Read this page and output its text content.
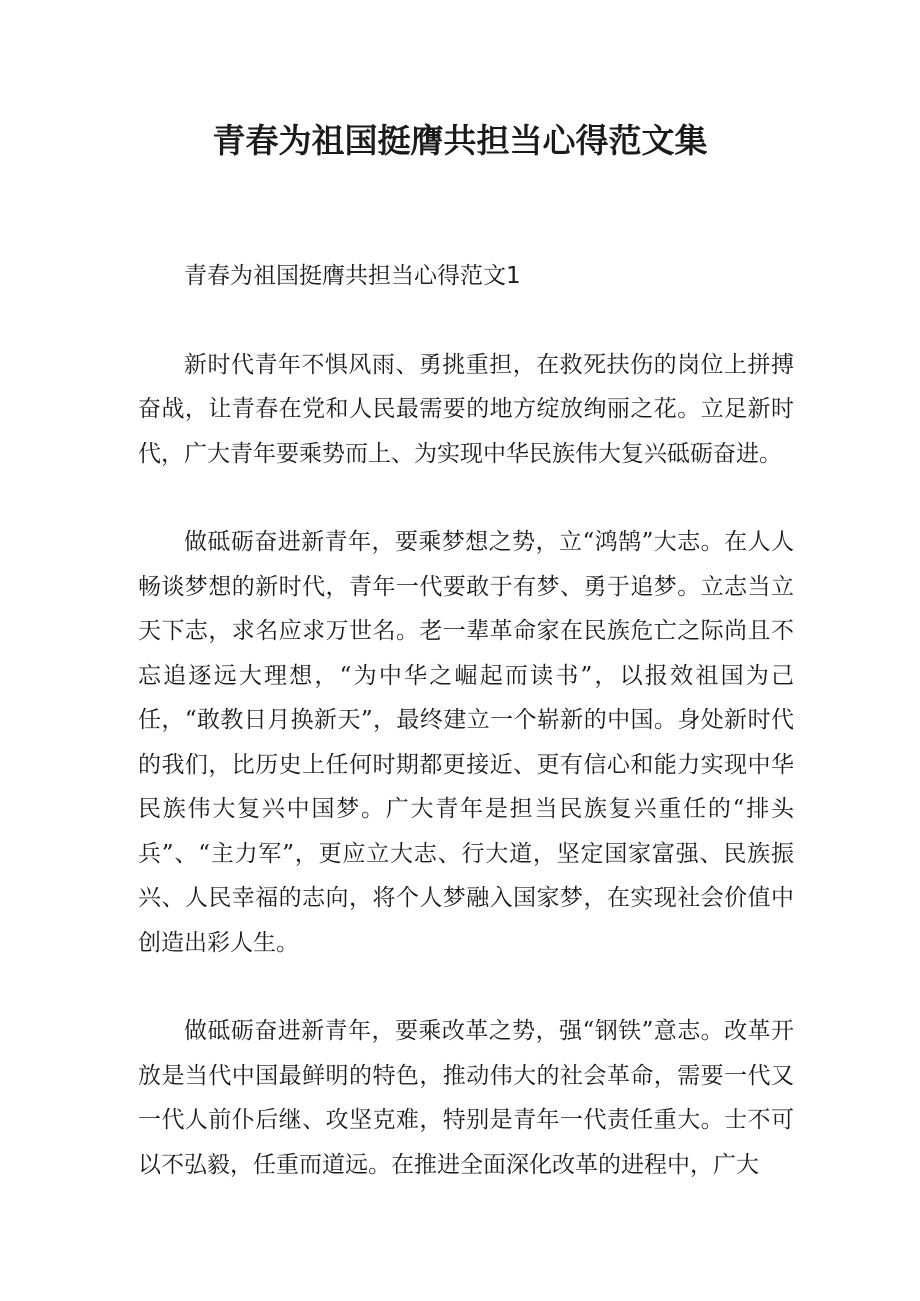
青春为祖国挺膺共担当心得范文集

青春为祖国挺膺共担当心得范文1

新时代青年不惧风雨、勇挑重担，在救死扶伤的岗位上拼搏奋战，让青春在党和人民最需要的地方绽放绚丽之花。立足新时代，广大青年要乘势而上、为实现中华民族伟大复兴砥砺奋进。

做砥砺奋进新青年，要乘梦想之势，立“鸿鹄”大志。在人人畅谈梦想的新时代，青年一代要敢于有梦、勇于追梦。立志当立天下志，求名应求万世名。老一辈革命家在民族危亡之际尚且不忘追逐远大理想，“为中华之崛起而读书”，以报效祖国为己任，“敢教日月换新天”，最终建立一个崭新的中国。身处新时代的我们，比历史上任何时期都更接近、更有信心和能力实现中华民族伟大复兴中国梦。广大青年是担当民族复兴重任的“排头兵”、“主力军”，更应立大志、行大道，坚定国家富强、民族振兴、人民幸福的志向，将个人梦融入国家梦，在实现社会价值中创造出彩人生。

做砥砺奋进新青年，要乘改革之势，强“钢铁”意志。改革开放是当代中国最鲜明的特色，推动伟大的社会革命，需要一代又一代人前仆后继、攻坚克难，特别是青年一代责任重大。士不可以不弘毅，任重而道远。在推进全面深化改革的进程中，广大
